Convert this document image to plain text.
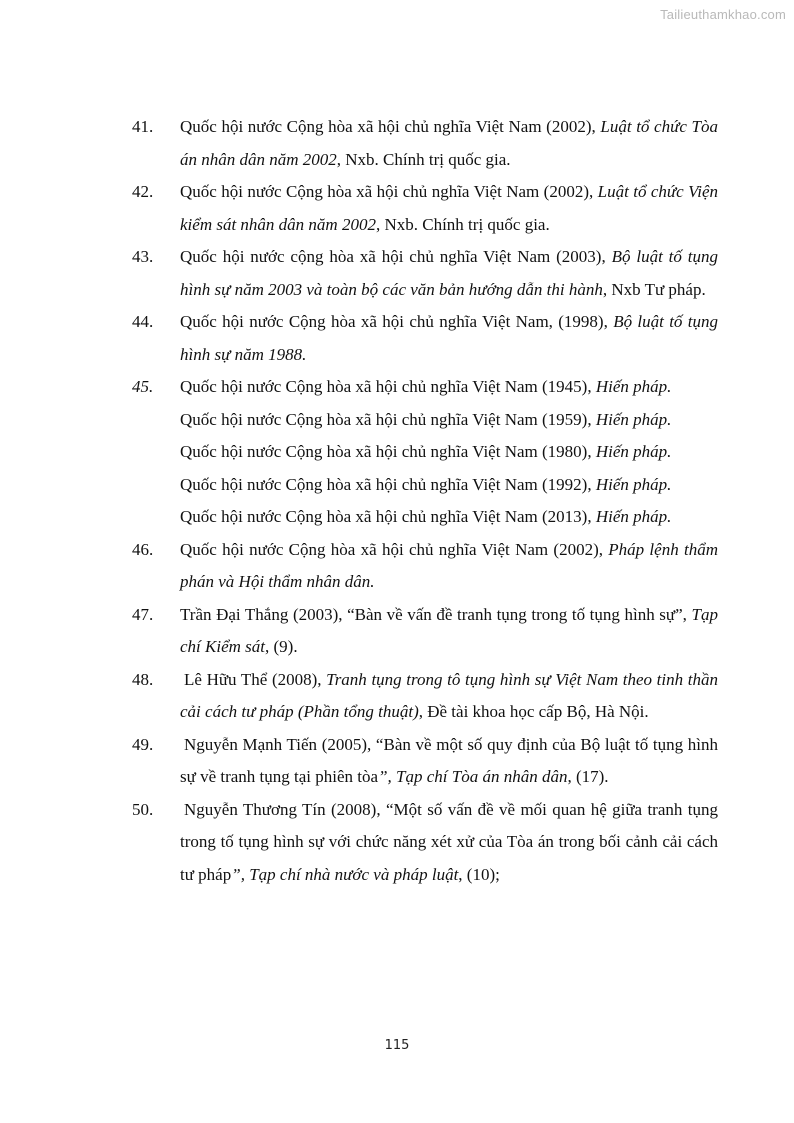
Tailieuthamkhao.com
41. Quốc hội nước Cộng hòa xã hội chủ nghĩa Việt Nam (2002), Luật tổ chức Tòa án nhân dân năm 2002, Nxb. Chính trị quốc gia.
42. Quốc hội nước Cộng hòa xã hội chủ nghĩa Việt Nam (2002), Luật tổ chức Viện kiểm sát nhân dân năm 2002, Nxb. Chính trị quốc gia.
43. Quốc hội nước cộng hòa xã hội chủ nghĩa Việt Nam (2003), Bộ luật tố tụng hình sự năm 2003 và toàn bộ các văn bản hướng dẫn thi hành, Nxb Tư pháp.
44. Quốc hội nước Cộng hòa xã hội chủ nghĩa Việt Nam, (1998), Bộ luật tố tụng hình sự năm 1988.
45. Quốc hội nước Cộng hòa xã hội chủ nghĩa Việt Nam (1945), Hiến pháp.
Quốc hội nước Cộng hòa xã hội chủ nghĩa Việt Nam (1959), Hiến pháp.
Quốc hội nước Cộng hòa xã hội chủ nghĩa Việt Nam (1980), Hiến pháp.
Quốc hội nước Cộng hòa xã hội chủ nghĩa Việt Nam (1992), Hiến pháp.
Quốc hội nước Cộng hòa xã hội chủ nghĩa Việt Nam (2013), Hiến pháp.
46. Quốc hội nước Cộng hòa xã hội chủ nghĩa Việt Nam (2002), Pháp lệnh thẩm phán và Hội thẩm nhân dân.
47. Trần Đại Thắng (2003), “Bàn về vấn đề tranh tụng trong tố tụng hình sự”, Tạp chí Kiểm sát, (9).
48. Lê Hữu Thể (2008), Tranh tụng trong tô tụng hình sự Việt Nam theo tinh thần cải cách tư pháp (Phần tổng thuật), Đề tài khoa học cấp Bộ, Hà Nội.
49. Nguyễn Mạnh Tiến (2005), “Bàn về một số quy định của Bộ luật tố tụng hình sự về tranh tụng tại phiên tòa”, Tạp chí Tòa án nhân dân, (17).
50. Nguyễn Thương Tín (2008), “Một số vấn đề về mối quan hệ giữa tranh tụng trong tố tụng hình sự với chức năng xét xử của Tòa án trong bối cảnh cải cách tư pháp”, Tạp chí nhà nước và pháp luật, (10);
115
